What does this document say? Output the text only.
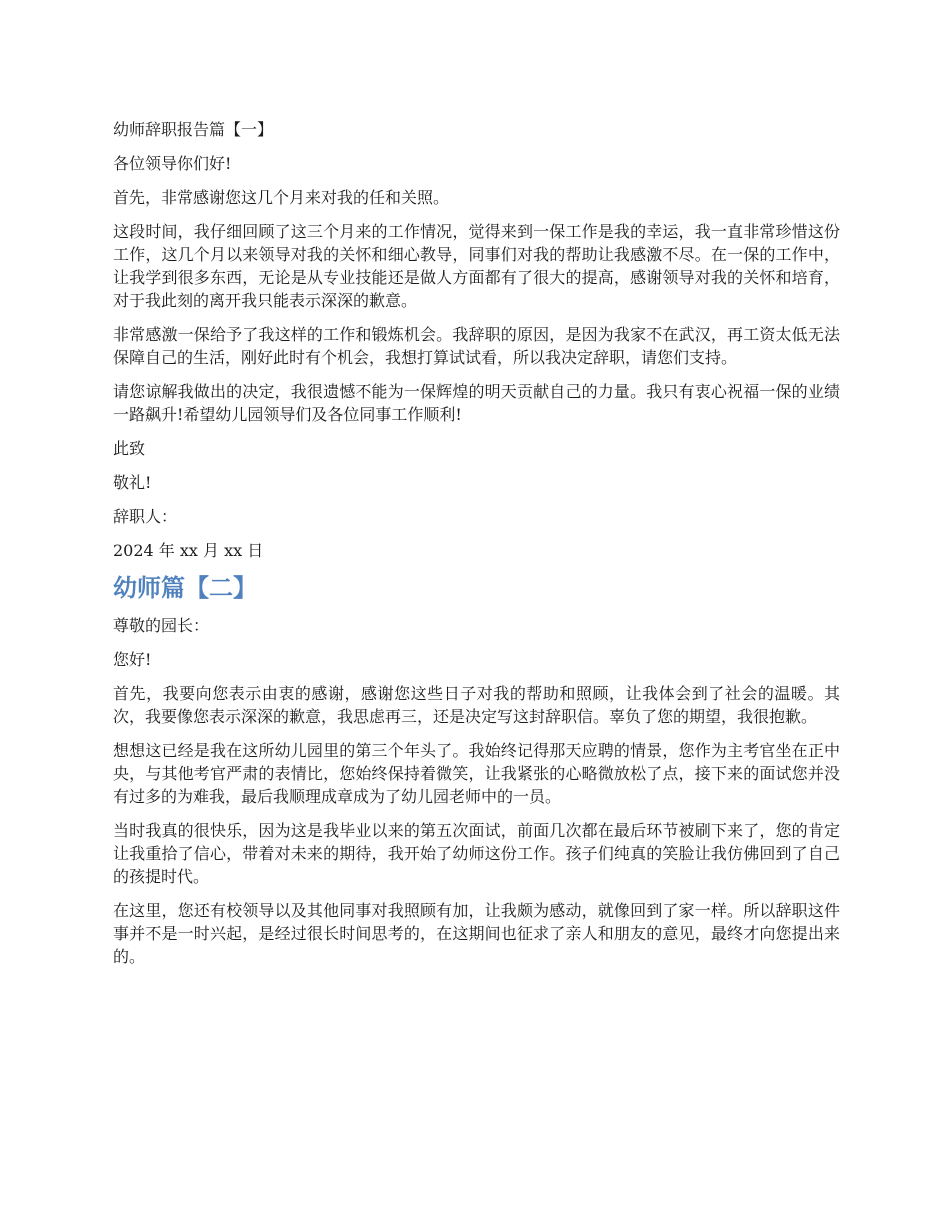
幼师辞职报告篇【一】

各位领导你们好!

首先，非常感谢您这几个月来对我的任和关照。

这段时间，我仔细回顾了这三个月来的工作情况，觉得来到一保工作是我的幸运，我一直非常珍惜这份工作，这几个月以来领导对我的关怀和细心教导，同事们对我的帮助让我感激不尽。在一保的工作中，让我学到很多东西，无论是从专业技能还是做人方面都有了很大的提高，感谢领导对我的关怀和培育，对于我此刻的离开我只能表示深深的歉意。

非常感激一保给予了我这样的工作和锻炼机会。我辞职的原因，是因为我家不在武汉，再工资太低无法保障自己的生活，刚好此时有个机会，我想打算试试看，所以我决定辞职，请您们支持。

请您谅解我做出的决定，我很遗憾不能为一保辉煌的明天贡献自己的力量。我只有衷心祝福一保的业绩一路飙升!希望幼儿园领导们及各位同事工作顺利!

此致

敬礼!

辞职人：

2024 年 xx 月 xx 日

幼师篇【二】

尊敬的园长：

您好!

首先，我要向您表示由衷的感谢，感谢您这些日子对我的帮助和照顾，让我体会到了社会的温暖。其次，我要像您表示深深的歉意，我思虑再三，还是决定写这封辞职信。辜负了您的期望，我很抱歉。

想想这已经是我在这所幼儿园里的第三个年头了。我始终记得那天应聘的情景，您作为主考官坐在正中央，与其他考官严肃的表情比，您始终保持着微笑，让我紧张的心略微放松了点，接下来的面试您并没有过多的为难我，最后我顺理成章成为了幼儿园老师中的一员。

当时我真的很快乐，因为这是我毕业以来的第五次面试，前面几次都在最后环节被刷下来了，您的肯定让我重拾了信心，带着对未来的期待，我开始了幼师这份工作。孩子们纯真的笑脸让我仿佛回到了自己的孩提时代。

在这里，您还有校领导以及其他同事对我照顾有加，让我颇为感动，就像回到了家一样。所以辞职这件事并不是一时兴起，是经过很长时间思考的，在这期间也征求了亲人和朋友的意见，最终才向您提出来的。
